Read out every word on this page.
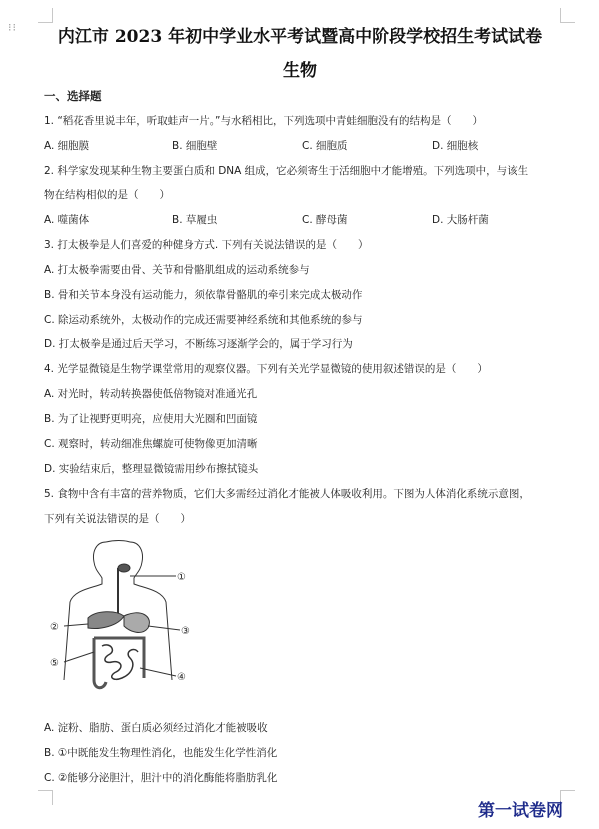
⁝⁝	内江市 2023 年初中学业水平考试暨高中阶段学校招生考试试卷
生物
一、选择题
1. “稻花香里说丰年，听取蛙声一片。”与水稻相比，下列选项中青蛙细胞没有的结构是（　　）
A. 细胞膜	B. 细胞壁	C. 细胞质	D. 细胞核
2. 科学家发现某种生物主要蛋白质和 DNA 组成，它必须寄生于活细胞中才能增殖。下列选项中，与该生
物在结构相似的是（　　）
A. 噬菌体	B. 草履虫	C. 酵母菌	D. 大肠杆菌
3. 打太极拳是人们喜爱的种健身方式. 下列有关说法错误的是（　　）
A. 打太极拳需要由骨、关节和骨骼肌组成的运动系统参与
B. 骨和关节本身没有运动能力，须依靠骨骼肌的牵引来完成太极动作
C. 除运动系统外，太极动作的完成还需要神经系统和其他系统的参与
D. 打太极拳是通过后天学习，不断练习逐渐学会的，属于学习行为
4. 光学显微镜是生物学课堂常用的观察仪器。下列有关光学显微镜的使用叙述错误的是（　　）
A. 对光时，转动转换器使低倍物镜对准通光孔
B. 为了让视野更明亮，应使用大光圈和凹面镜
C. 观察时，转动细准焦螺旋可使物像更加清晰
D. 实验结束后，整理显微镜需用纱布擦拭镜头
5. 食物中含有丰富的营养物质，它们大多需经过消化才能被人体吸收利用。下图为人体消化系统示意图，
下列有关说法错误的是（　　）
①
②	③
④
⑤
A. 淀粉、脂肪、蛋白质必须经过消化才能被吸收
B. ①中既能发生物理性消化，也能发生化学性消化
C. ②能够分泌胆汁，胆汁中的消化酶能将脂肪乳化
第一试卷网
